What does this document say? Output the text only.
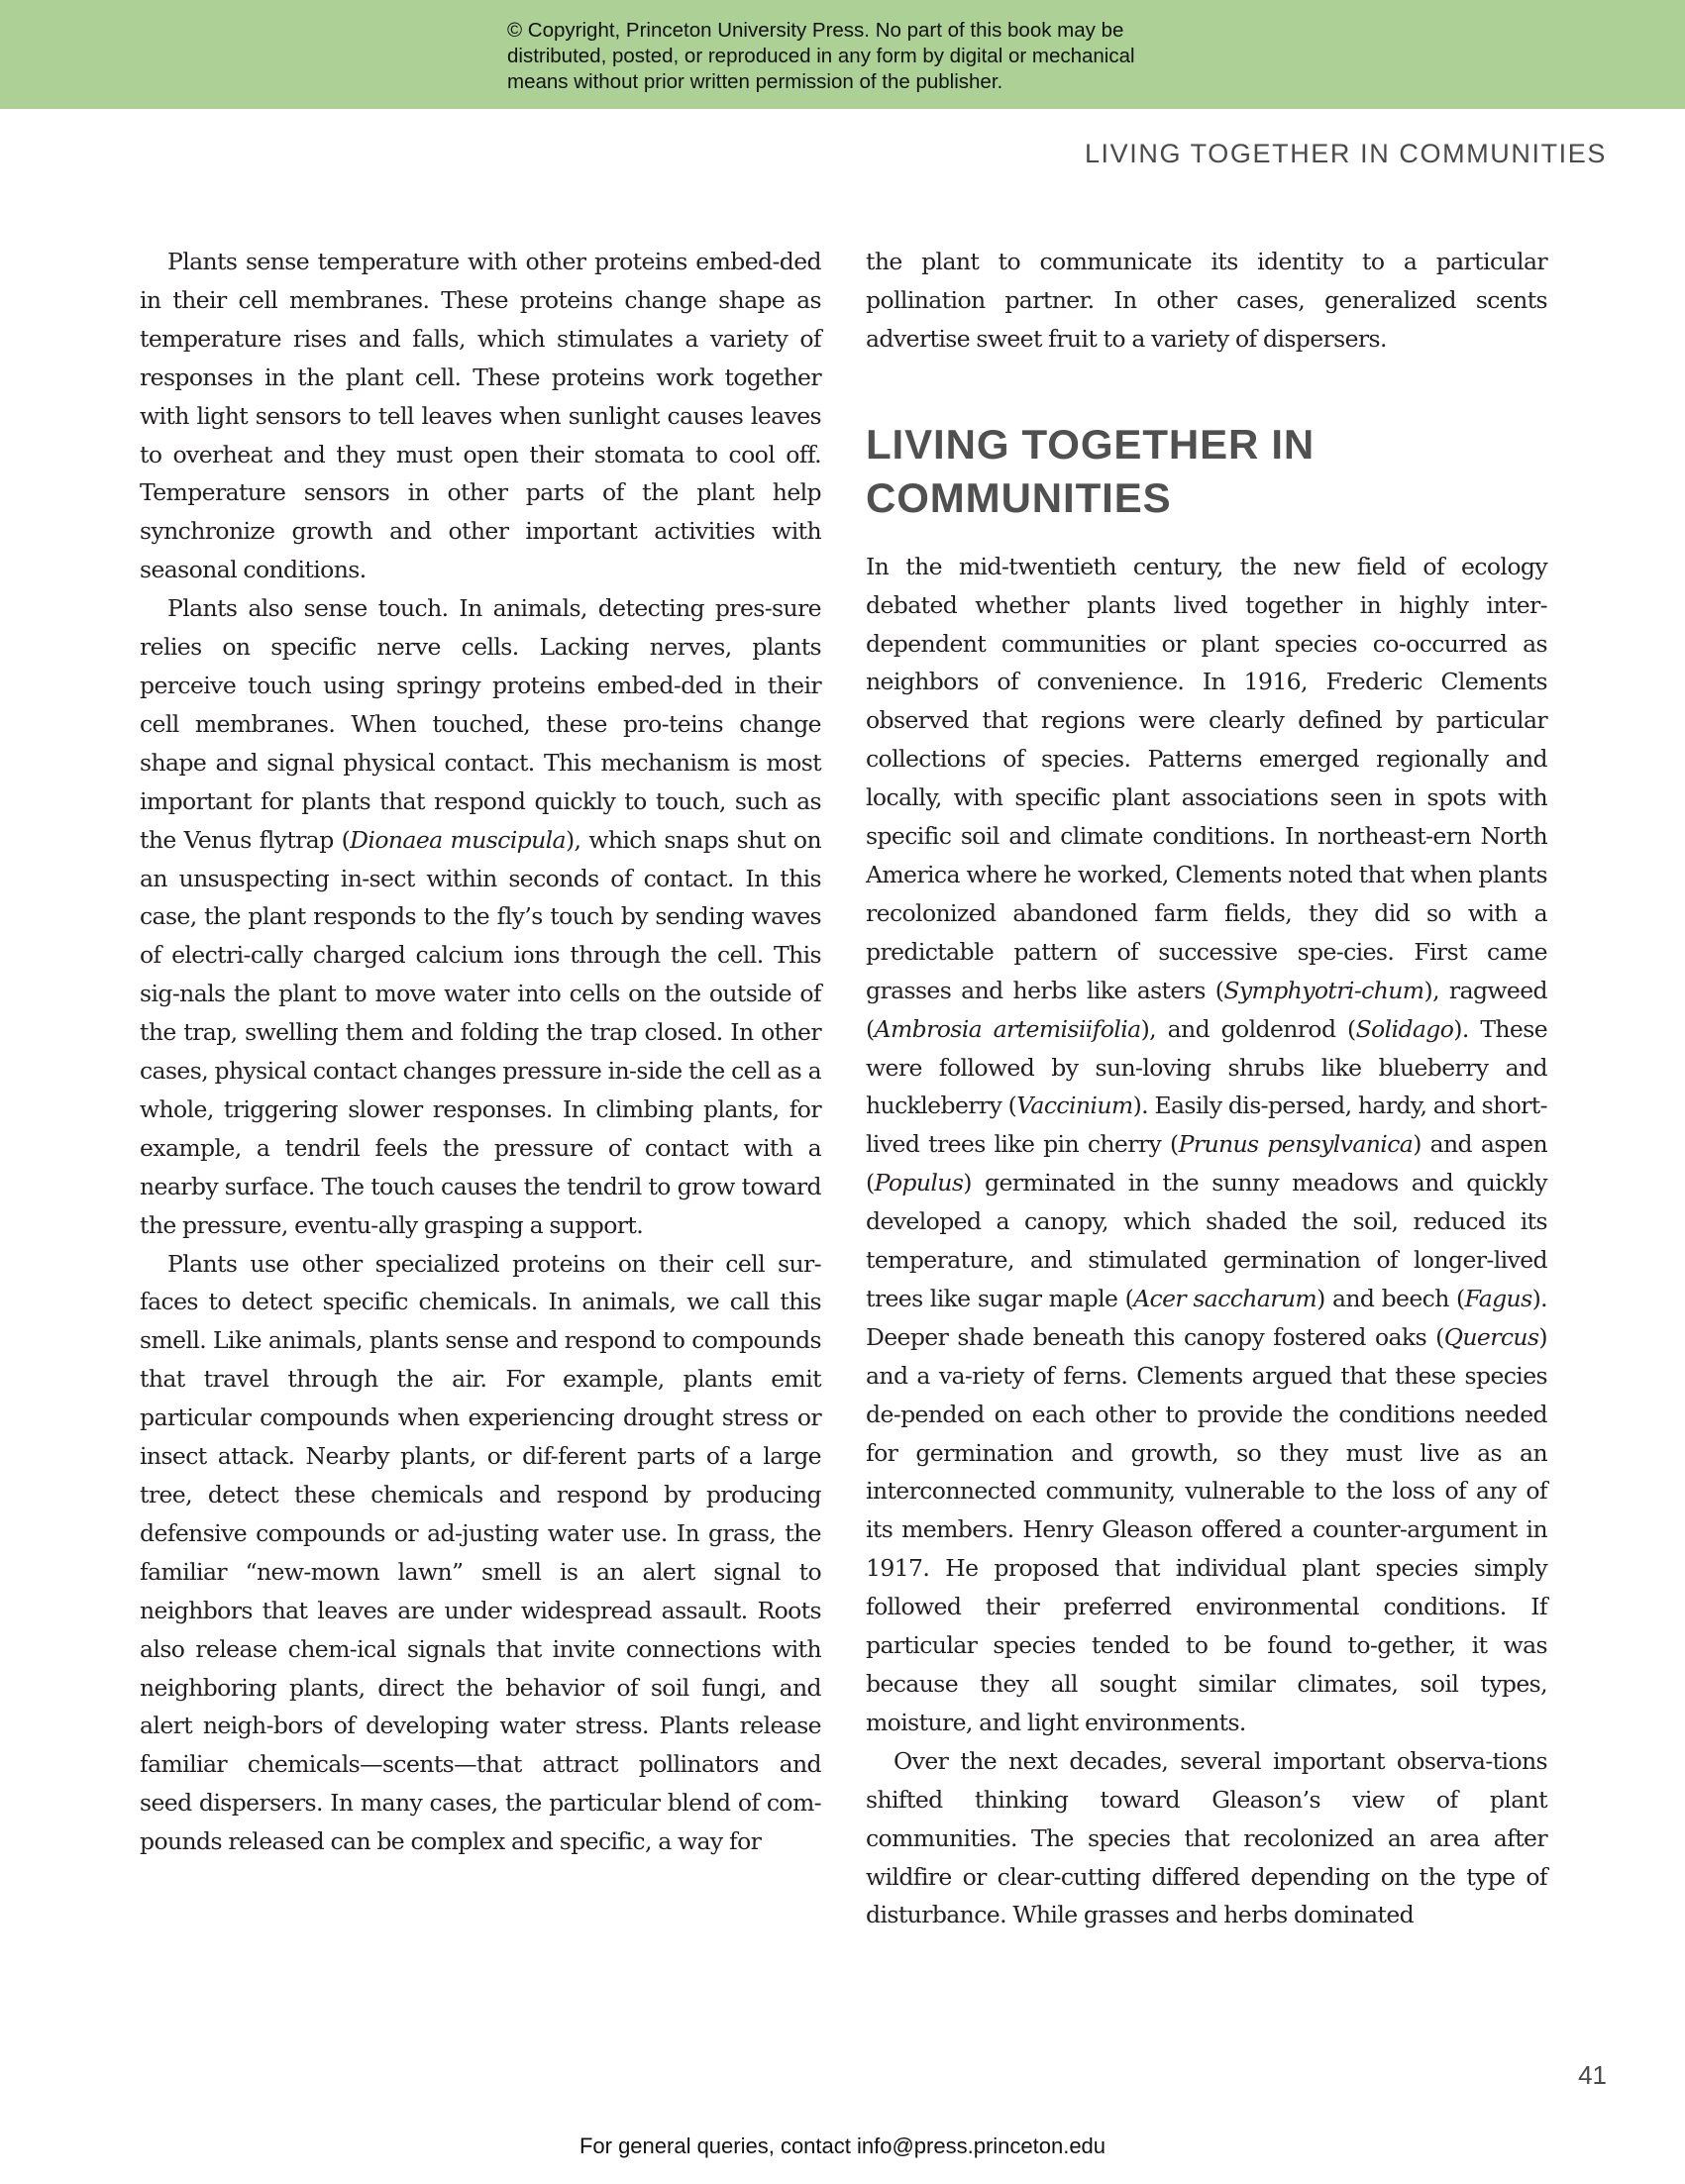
© Copyright, Princeton University Press. No part of this book may be
distributed, posted, or reproduced in any form by digital or mechanical
means without prior written permission of the publisher.
LIVING TOGETHER IN COMMUNITIES

Plants sense temperature with other proteins embed-ded in their cell membranes. These proteins change shape as temperature rises and falls, which stimulates a variety of responses in the plant cell. These proteins work together with light sensors to tell leaves when sunlight causes leaves to overheat and they must open their stomata to cool off. Temperature sensors in other parts of the plant help synchronize growth and other important activities with seasonal conditions.

Plants also sense touch. In animals, detecting pres-sure relies on specific nerve cells. Lacking nerves, plants perceive touch using springy proteins embed-ded in their cell membranes. When touched, these pro-teins change shape and signal physical contact. This mechanism is most important for plants that respond quickly to touch, such as the Venus flytrap (Dionaea muscipula), which snaps shut on an unsuspecting in-sect within seconds of contact. In this case, the plant responds to the fly’s touch by sending waves of electri-cally charged calcium ions through the cell. This sig-nals the plant to move water into cells on the outside of the trap, swelling them and folding the trap closed. In other cases, physical contact changes pressure in-side the cell as a whole, triggering slower responses. In climbing plants, for example, a tendril feels the pressure of contact with a nearby surface. The touch causes the tendril to grow toward the pressure, eventu-ally grasping a support.

Plants use other specialized proteins on their cell sur-faces to detect specific chemicals. In animals, we call this smell. Like animals, plants sense and respond to compounds that travel through the air. For example, plants emit particular compounds when experiencing drought stress or insect attack. Nearby plants, or dif-ferent parts of a large tree, detect these chemicals and respond by producing defensive compounds or ad-justing water use. In grass, the familiar “new-mown lawn” smell is an alert signal to neighbors that leaves are under widespread assault. Roots also release chem-ical signals that invite connections with neighboring plants, direct the behavior of soil fungi, and alert neigh-bors of developing water stress. Plants release familiar chemicals—scents—that attract pollinators and seed dispersers. In many cases, the particular blend of com-pounds released can be complex and specific, a way for

the plant to communicate its identity to a particular pollination partner. In other cases, generalized scents advertise sweet fruit to a variety of dispersers.

LIVING TOGETHER IN COMMUNITIES

In the mid-twentieth century, the new field of ecology debated whether plants lived together in highly inter-dependent communities or plant species co-occurred as neighbors of convenience. In 1916, Frederic Clements observed that regions were clearly defined by particular collections of species. Patterns emerged regionally and locally, with specific plant associations seen in spots with specific soil and climate conditions. In northeast-ern North America where he worked, Clements noted that when plants recolonized abandoned farm fields, they did so with a predictable pattern of successive spe-cies. First came grasses and herbs like asters (Symphyotri-chum), ragweed (Ambrosia artemisiifolia), and goldenrod (Solidago). These were followed by sun-loving shrubs like blueberry and huckleberry (Vaccinium). Easily dis-persed, hardy, and short-lived trees like pin cherry (Prunus pensylvanica) and aspen (Populus) germinated in the sunny meadows and quickly developed a canopy, which shaded the soil, reduced its temperature, and stimulated germination of longer-lived trees like sugar maple (Acer saccharum) and beech (Fagus). Deeper shade beneath this canopy fostered oaks (Quercus) and a va-riety of ferns. Clements argued that these species de-pended on each other to provide the conditions needed for germination and growth, so they must live as an interconnected community, vulnerable to the loss of any of its members. Henry Gleason offered a counter-argument in 1917. He proposed that individual plant species simply followed their preferred environmental conditions. If particular species tended to be found to-gether, it was because they all sought similar climates, soil types, moisture, and light environments.

Over the next decades, several important observa-tions shifted thinking toward Gleason’s view of plant communities. The species that recolonized an area after wildfire or clear-cutting differed depending on the type of disturbance. While grasses and herbs dominated

41
For general queries, contact info@press.princeton.edu
